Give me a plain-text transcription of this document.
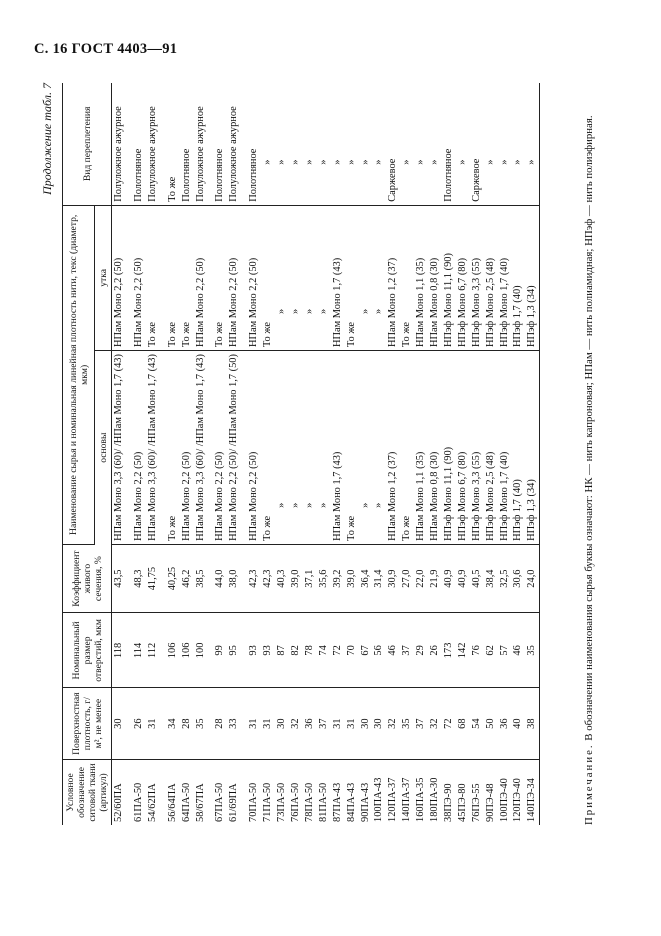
С. 16 ГОСТ 4403—91
Продолжение табл. 7
Условное обозначение ситовой ткани (артикул)	Поверхностная плотность, г/м², не менее	Номинальный размер отверстий, мкм	Коэффициент живого сечения, %	Наименование сырья и номинальная линейная плотность нити, текс (диаметр, мкм)		Вид переплетения
				основы	утка	
52/60ПА	30	118	43,5	НПам Моно 3,3 (60)/ /НПам Моно 1,7 (43)	НПам Моно 2,2 (50)	Полуложное ажурное
61ПА-50	26	114	48,3	НПам Моно 2,2 (50)	НПам Моно 2,2 (50)	Полотняное
54/62ПА	31	112	41,75	НПам Моно 3,3 (60)/ /НПам Моно 1,7 (43)	То же	Полуложное ажурное
56/64ПА	34	106	40,25	То же	То же	То же
64ПА-50	28	106	46,2	НПам Моно 2,2 (50)	То же	Полотняное
58/67ПА	35	100	38,5	НПам Моно 3,3 (60)/ /НПам Моно 1,7 (43)	НПам Моно 2,2 (50)	Полуложное ажурное
67ПА-50	28	99	44,0	НПам Моно 2,2 (50)	То же	Полотняное
61/69ПА	33	95	38,0	НПам Моно 2,2 (50)/ /НПам Моно 1,7 (50)	НПам Моно 2,2 (50)	Полуложное ажурное
70ПА-50	31	93	42,3	НПам Моно 2,2 (50)	НПам Моно 2,2 (50)	Полотняное
71ПА-50	31	93	42,3	То же	То же	»
73ПА-50	30	87	40,3	»	»	»
76ПА-50	32	82	39,0	»	»	»
78ПА-50	36	78	37,1	»	»	»
81ПА-50	37	74	35,6	»	»	»
87ПА-43	31	72	39,2	НПам Моно 1,7 (43)	НПам Моно 1,7 (43)	»
84ПА-43	31	70	39,0	То же	То же	»
90ПА-43	30	67	36,4	»	»	»
100ПА-43	30	56	31,4	»	»	»
120ПА-37	32	46	30,9	НПам Моно 1,2 (37)	НПам Моно 1,2 (37)	Саржевое
140ПА-37	35	37	27,0	То же	То же	»
160ПА-35	37	29	22,0	НПам Моно 1,1 (35)	НПам Моно 1,1 (35)	»
180ПА-30	32	26	21,9	НПам Моно 0,8 (30)	НПам Моно 0,8 (30)	»
38ПЭ-90	72	173	40,9	НПэф Моно 11,1 (90)	НПэф Моно 11,1 (90)	Полотняное
45ПЭ-80	68	142	40,9	НПэф Моно 6,7 (80)	НПэф Моно 6,7 (80)	»
76ПЭ-55	54	76	40,5	НПэф Моно 3,3 (55)	НПэф Моно 3,3 (55)	Саржевое
90ПЭ-48	50	62	38,4	НПэф Моно 2,5 (48)	НПэф Моно 2,5 (48)	»
100ПЭ-40	36	57	32,5	НПэф Моно 1,7 (40)	НПэф Моно 1,7 (40)	»
120ПЭ-40	40	46	30,6	НПэф 1,7 (40)	НПэф 1,7 (40)	»
140ПЭ-34	38	35	24,0	НПэф 1,3 (34)	НПэф 1,3 (34)	»
Примечание. В обозначении наименования сырья буквы означают: НК — нить капроновая; НПам — нить полиамидная; НПэф — нить полиэфирная.
